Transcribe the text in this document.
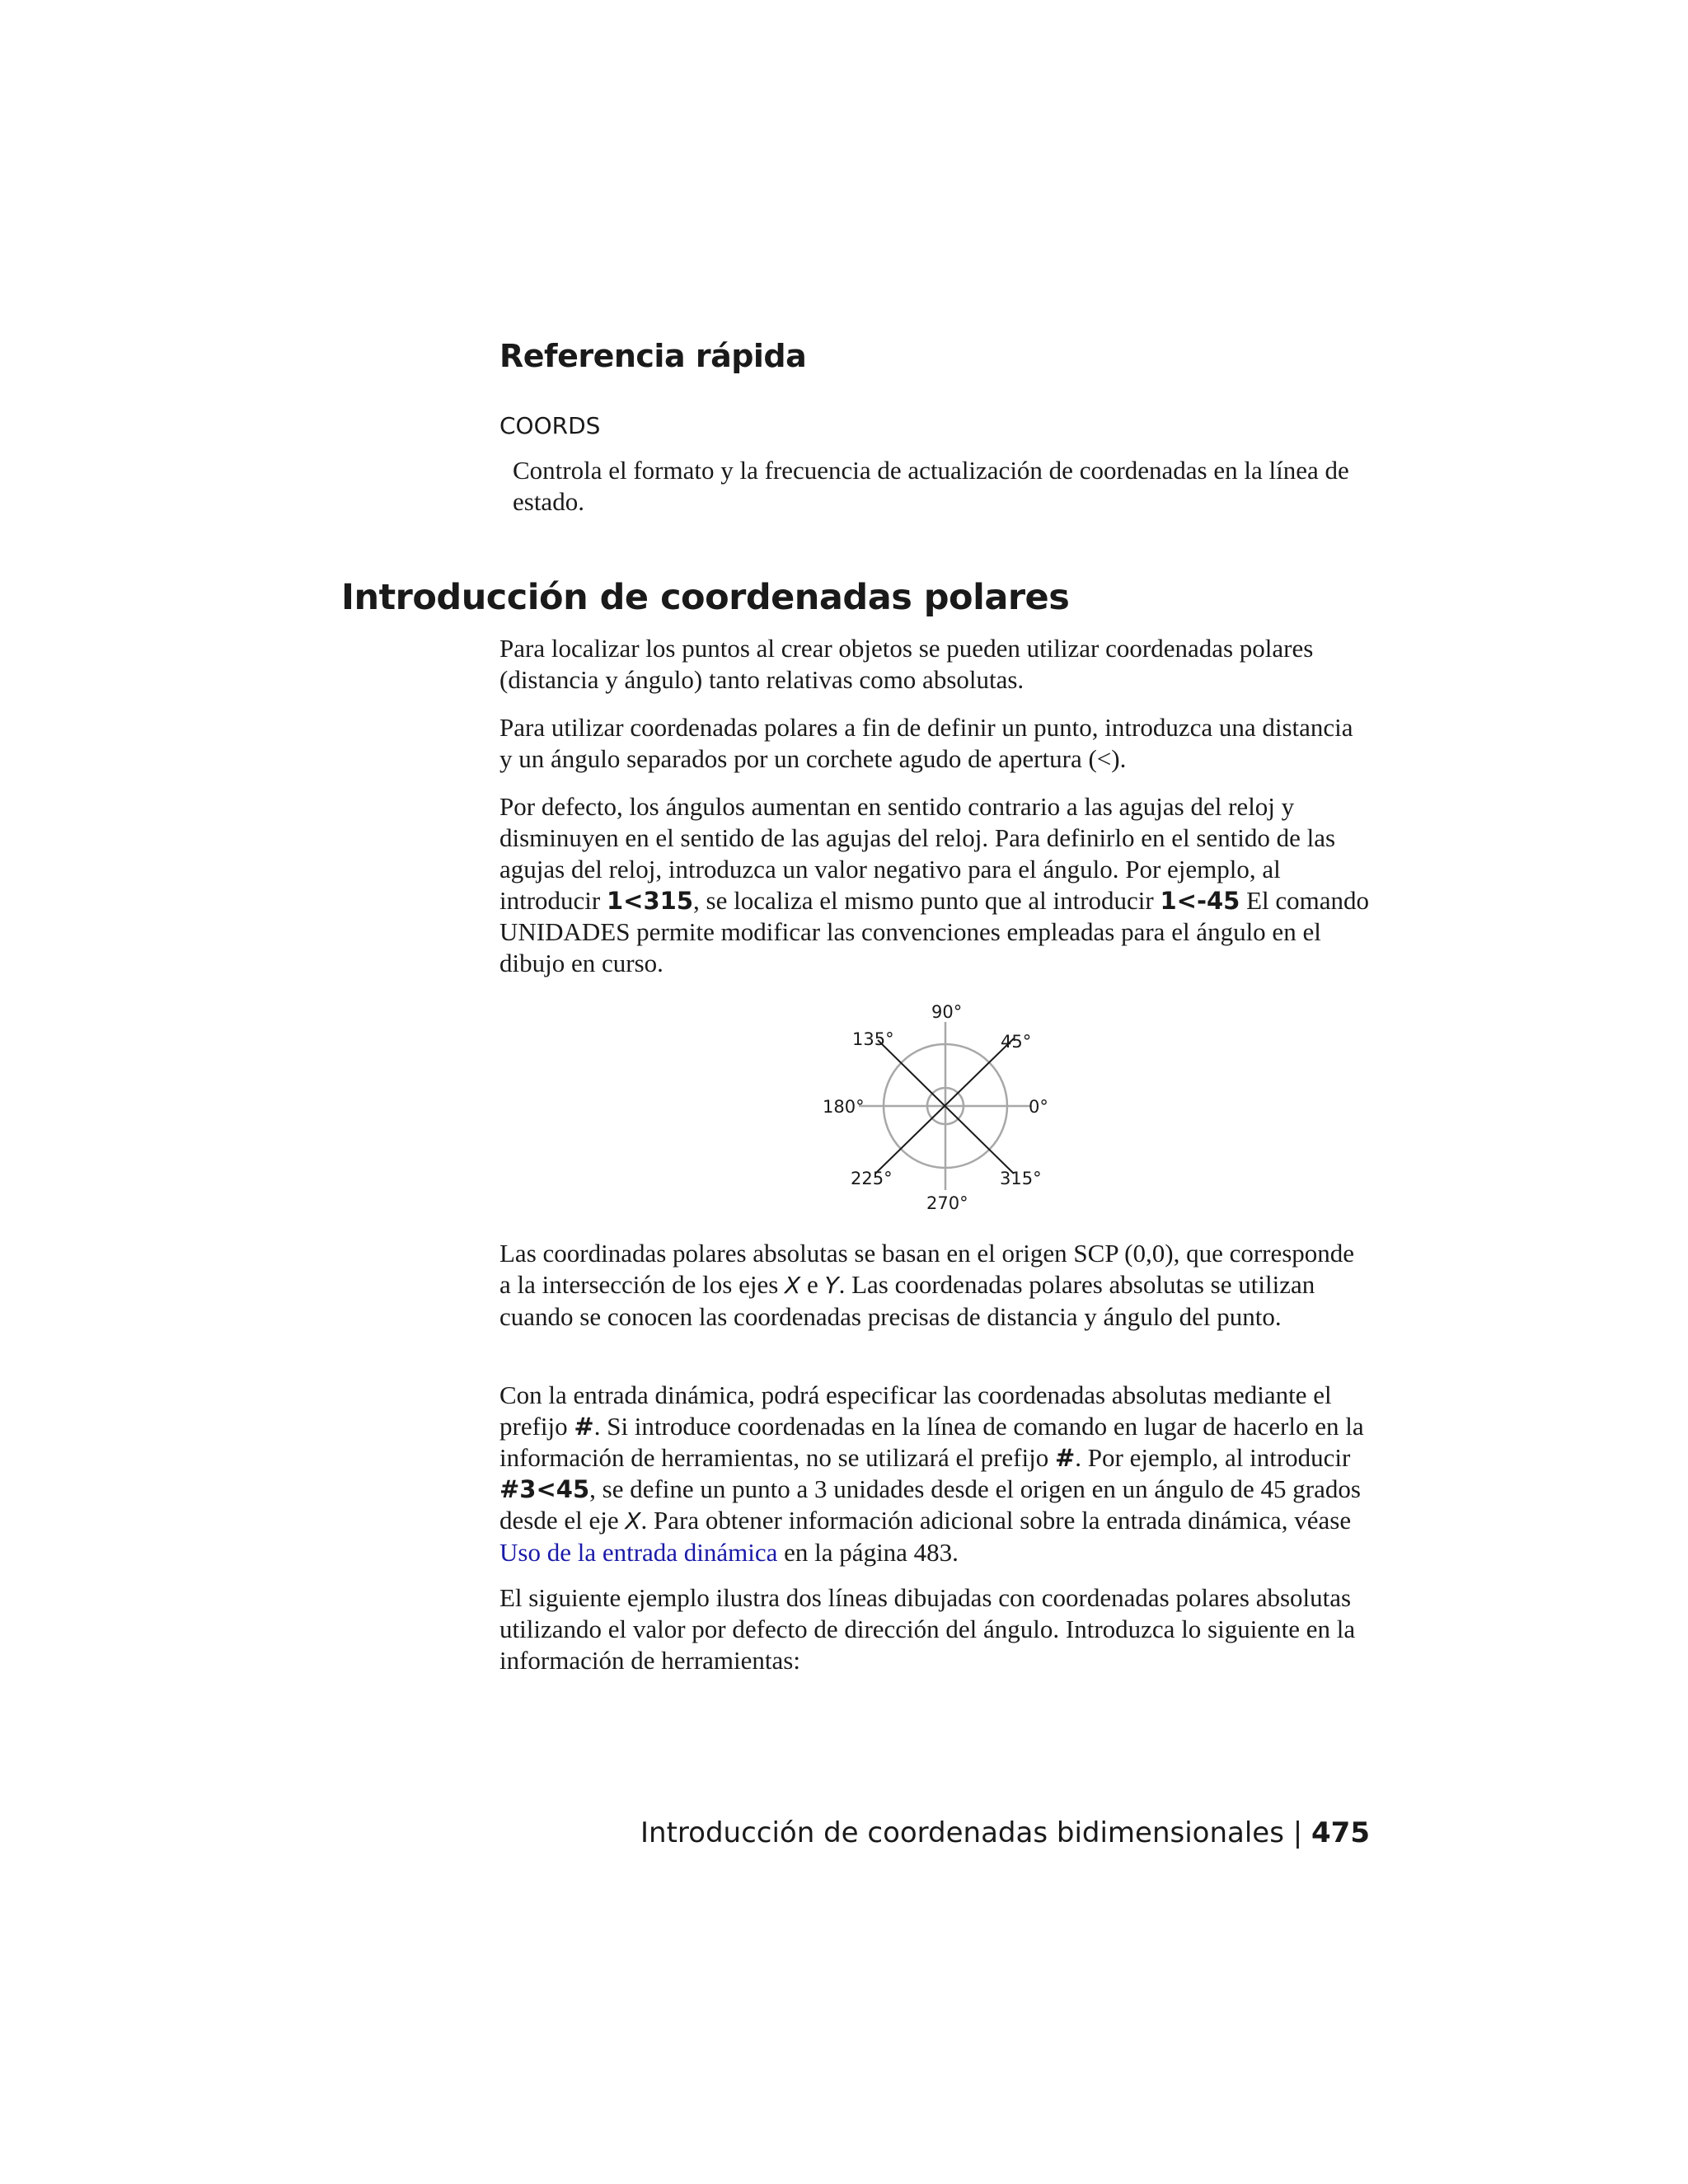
Referencia rápida
COORDS
Controla el formato y la frecuencia de actualización de coordenadas en la línea de estado.
Introducción de coordenadas polares

Para localizar los puntos al crear objetos se pueden utilizar coordenadas polares (distancia y ángulo) tanto relativas como absolutas.

Para utilizar coordenadas polares a fin de definir un punto, introduzca una distancia y un ángulo separados por un corchete agudo de apertura (<).

Por defecto, los ángulos aumentan en sentido contrario a las agujas del reloj y disminuyen en el sentido de las agujas del reloj. Para definirlo en el sentido de las agujas del reloj, introduzca un valor negativo para el ángulo. Por ejemplo, al introducir 1<315, se localiza el mismo punto que al introducir 1<-45 El comando UNIDADES permite modificar las convenciones empleadas para el ángulo en el dibujo en curso.

90°
135°	45°
180°	0°
225°	315°
270°

Las coordinadas polares absolutas se basan en el origen SCP (0,0), que corresponde a la intersección de los ejes X e Y. Las coordenadas polares absolutas se utilizan cuando se conocen las coordenadas precisas de distancia y ángulo del punto.

Con la entrada dinámica, podrá especificar las coordenadas absolutas mediante el prefijo #. Si introduce coordenadas en la línea de comando en lugar de hacerlo en la información de herramientas, no se utilizará el prefijo #. Por ejemplo, al introducir #3<45, se define un punto a 3 unidades desde el origen en un ángulo de 45 grados desde el eje X. Para obtener información adicional sobre la entrada dinámica, véase Uso de la entrada dinámica en la página 483.

El siguiente ejemplo ilustra dos líneas dibujadas con coordenadas polares absolutas utilizando el valor por defecto de dirección del ángulo. Introduzca lo siguiente en la información de herramientas:

Introducción de coordenadas bidimensionales | 475
